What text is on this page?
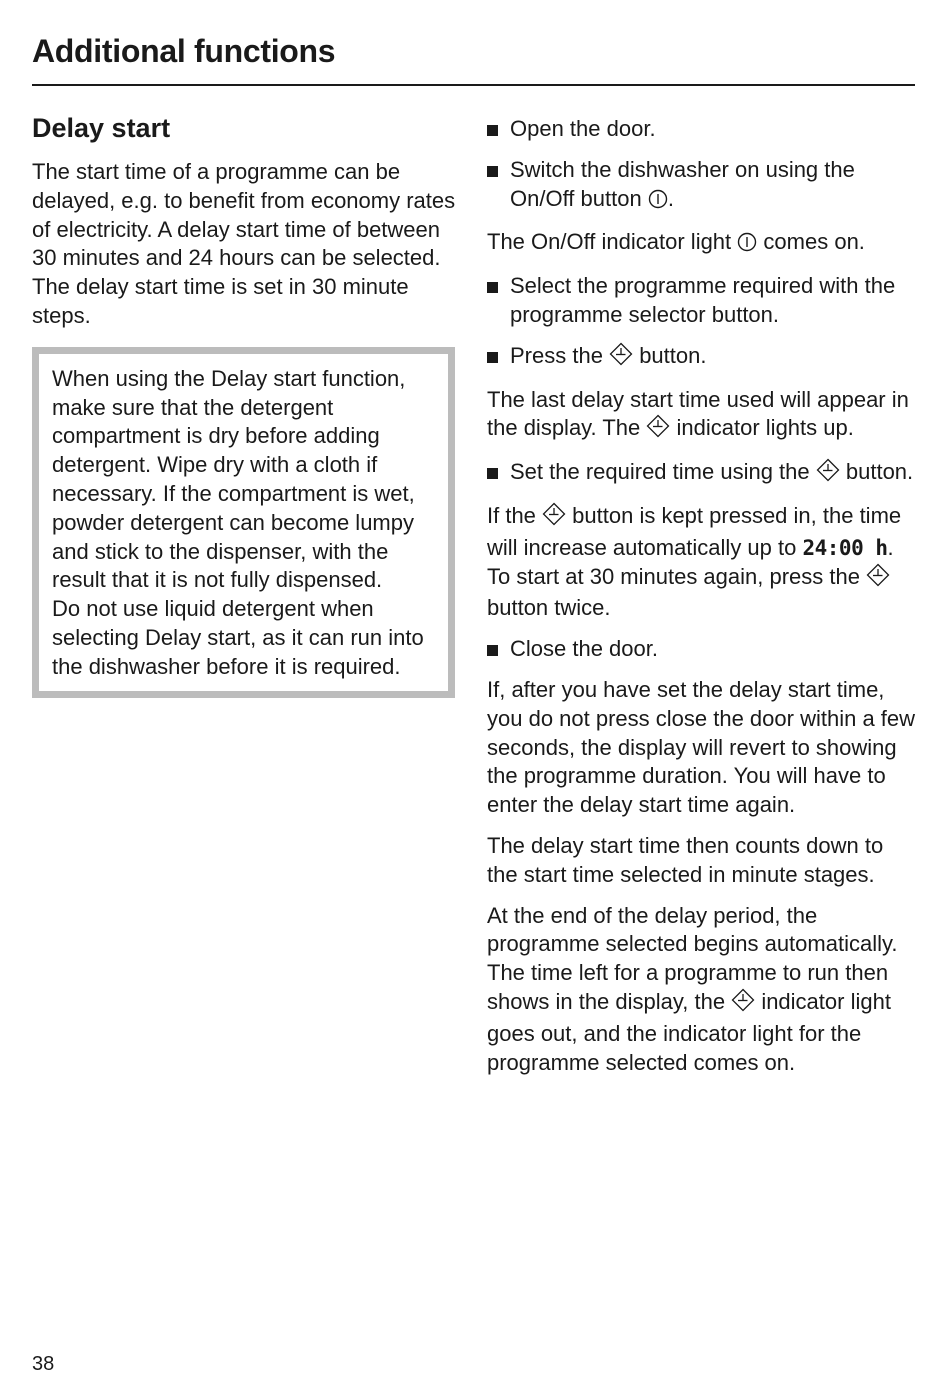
Additional functions
Delay start

The start time of a programme can be delayed, e.g. to benefit from economy rates of electricity. A delay start time of between 30 minutes and 24 hours can be selected. The delay start time is set in 30 minute steps.

When using the Delay start function, make sure that the detergent compartment is dry before adding detergent. Wipe dry with a cloth if necessary. If the compartment is wet, powder detergent can become lumpy and stick to the dispenser, with the result that it is not fully dispensed.

Do not use liquid detergent when selecting Delay start, as it can run into the dishwasher before it is required.

Open the door.
Switch the dishwasher on using the On/Off button .

The On/Off indicator light comes on.

Select the programme required with the programme selector button.
Press the button.

The last delay start time used will appear in the display. The indicator lights up.

Set the required time using the button.

If the button is kept pressed in, the time will increase automatically up to 24:00 h. To start at 30 minutes again, press the  button twice.

Close the door.

If, after you have set the delay start time, you do not press close the door within a few seconds, the display will revert to showing the programme duration. You will have to enter the delay start time again.

The delay start time then counts down to the start time selected in minute stages.

At the end of the delay period, the programme selected begins automatically. The time left for a programme to run then shows in the display, the indicator light goes out, and the indicator light for the programme selected comes on.

38
